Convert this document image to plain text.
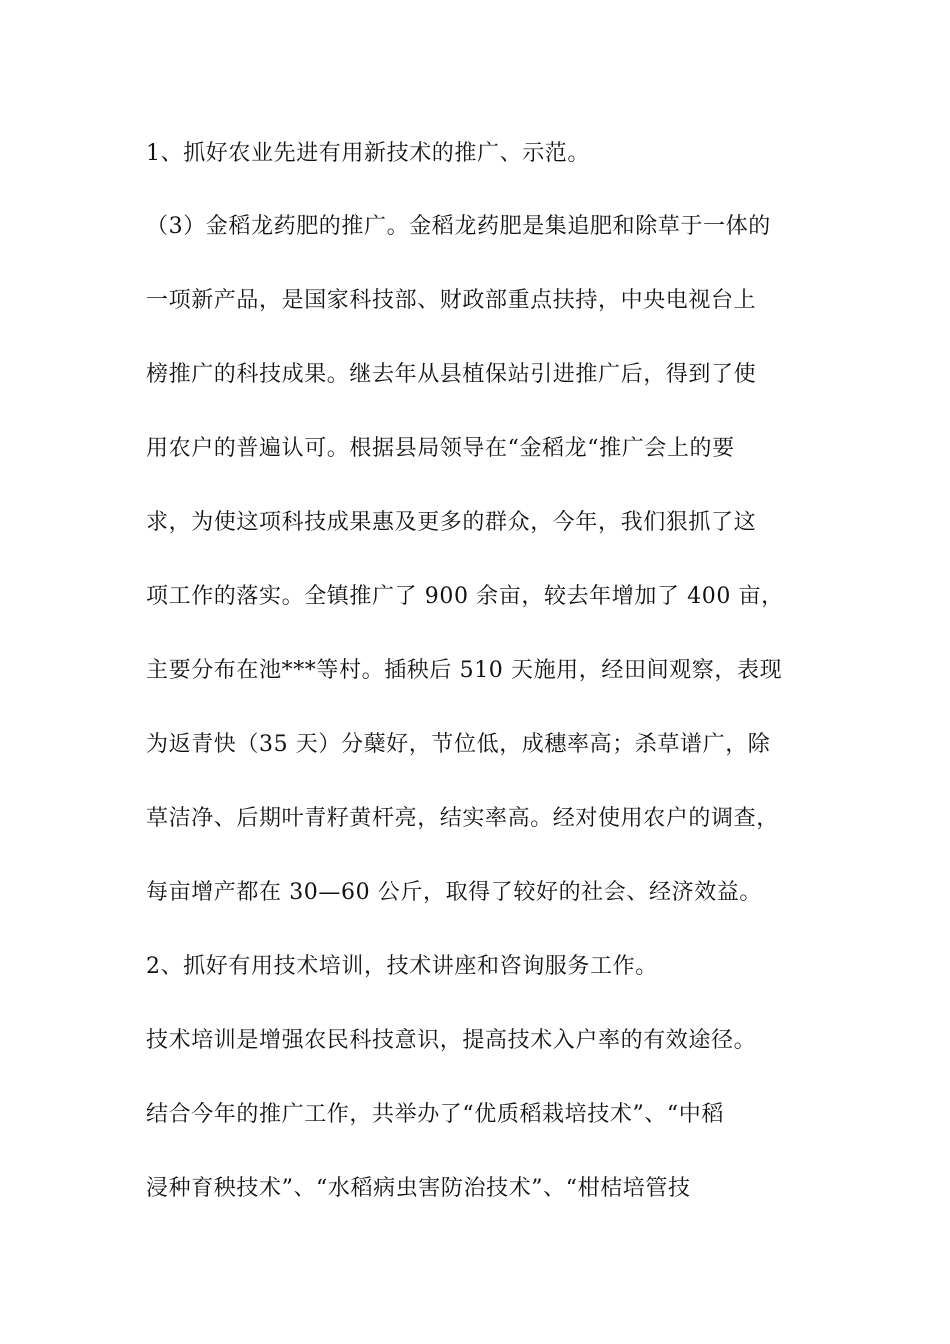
1、抓好农业先进有用新技术的推广、示范。
（3）金稻龙药肥的推广。金稻龙药肥是集追肥和除草于一体的
一项新产品，是国家科技部、财政部重点扶持，中央电视台上
榜推广的科技成果。继去年从县植保站引进推广后，得到了使
用农户的普遍认可。根据县局领导在“金稻龙“推广会上的要
求，为使这项科技成果惠及更多的群众，今年，我们狠抓了这
项工作的落实。全镇推广了 900 余亩，较去年增加了 400 亩，
主要分布在池***等村。插秧后 510 天施用，经田间观察，表现
为返青快（35 天）分蘖好，节位低，成穗率高；杀草谱广，除
草洁净、后期叶青籽黄杆亮，结实率高。经对使用农户的调查，
每亩增产都在 30—60 公斤，取得了较好的社会、经济效益。
2、抓好有用技术培训，技术讲座和咨询服务工作。
技术培训是增强农民科技意识，提高技术入户率的有效途径。
结合今年的推广工作，共举办了“优质稻栽培技术”、“中稻
浸种育秧技术”、“水稻病虫害防治技术”、“柑桔培管技
